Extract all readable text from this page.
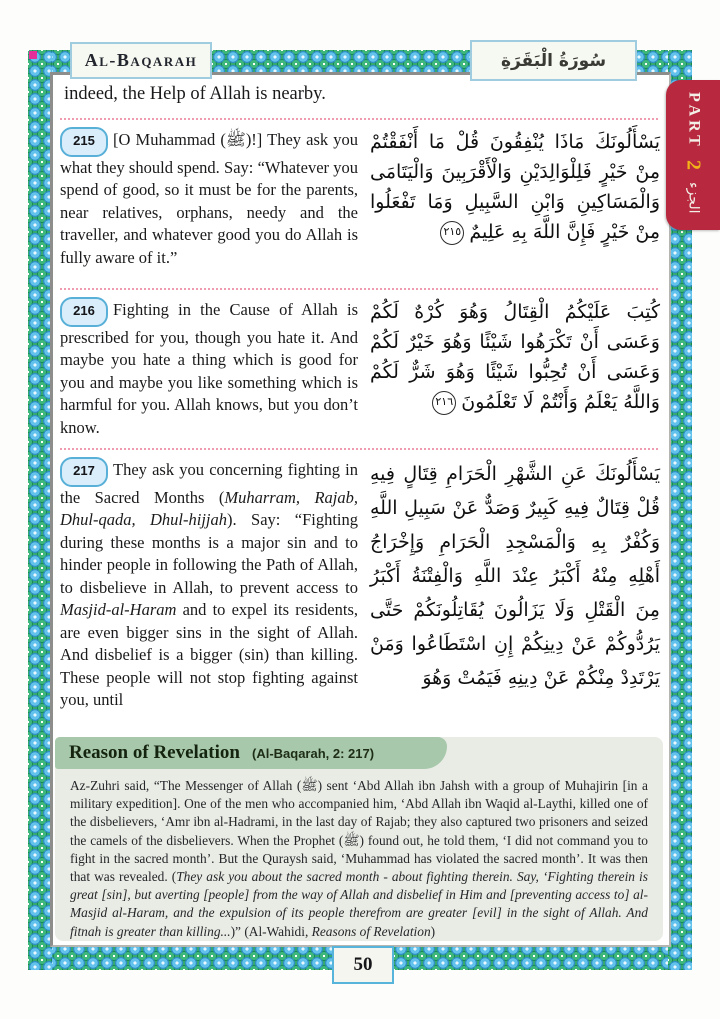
Al-Baqarah	سُورَةُ الْبَقَرَةِ
PART 2 الجزء
indeed, the Help of Allah is nearby.
215 [O Muhammad (ﷺ)!] They ask you what they should spend. Say: “Whatever you spend of good, so it must be for the parents, near relatives, orphans, needy and the traveller, and whatever good you do Allah is fully aware of it.”
يَسْأَلُونَكَ مَاذَا يُنْفِقُونَ قُلْ مَا أَنْفَقْتُمْ مِنْ خَيْرٍ فَلِلْوَالِدَيْنِ وَالْأَقْرَبِينَ وَالْيَتَامَى وَالْمَسَاكِينِ وَابْنِ السَّبِيلِ وَمَا تَفْعَلُوا مِنْ خَيْرٍ فَإِنَّ اللَّهَ بِهِ عَلِيمٌ٢١٥
216 Fighting in the Cause of Allah is prescribed for you, though you hate it. And maybe you hate a thing which is good for you and maybe you like something which is harmful for you. Allah knows, but you don’t know.
كُتِبَ عَلَيْكُمُ الْقِتَالُ وَهُوَ كُرْهٌ لَكُمْ وَعَسَى أَنْ تَكْرَهُوا شَيْئًا وَهُوَ خَيْرٌ لَكُمْ وَعَسَى أَنْ تُحِبُّوا شَيْئًا وَهُوَ شَرٌّ لَكُمْ وَاللَّهُ يَعْلَمُ وَأَنْتُمْ لَا تَعْلَمُونَ٢١٦
217 They ask you concerning fighting in the Sacred Months (Muharram, Rajab, Dhul-qada, Dhul-hijjah). Say: “Fighting during these months is a major sin and to hinder people in following the Path of Allah, to disbelieve in Allah, to prevent access to Masjid-al-Haram and to expel its residents, are even bigger sins in the sight of Allah. And disbelief is a bigger (sin) than killing. These people will not stop fighting against you, until
يَسْأَلُونَكَ عَنِ الشَّهْرِ الْحَرَامِ قِتَالٍ فِيهِ قُلْ قِتَالٌ فِيهِ كَبِيرٌ وَصَدٌّ عَنْ سَبِيلِ اللَّهِ وَكُفْرٌ بِهِ وَالْمَسْجِدِ الْحَرَامِ وَإِخْرَاجُ أَهْلِهِ مِنْهُ أَكْبَرُ عِنْدَ اللَّهِ وَالْفِتْنَةُ أَكْبَرُ مِنَ الْقَتْلِ وَلَا يَزَالُونَ يُقَاتِلُونَكُمْ حَتَّى يَرُدُّوكُمْ عَنْ دِينِكُمْ إِنِ اسْتَطَاعُوا وَمَنْ يَرْتَدِدْ مِنْكُمْ عَنْ دِينِهِ فَيَمُتْ وَهُوَ
Reason of Revelation (Al-Baqarah, 2: 217)
Az-Zuhri said, “The Messenger of Allah (ﷺ) sent ‘Abd Allah ibn Jahsh with a group of Muhajirin [in a military expedition]. One of the men who accompanied him, ‘Abd Allah ibn Waqid al-Laythi, killed one of the disbelievers, ‘Amr ibn al-Hadrami, in the last day of Rajab; they also captured two prisoners and seized the camels of the disbelievers. When the Prophet (ﷺ) found out, he told them, ‘I did not command you to fight in the sacred month’. But the Quraysh said, ‘Muhammad has violated the sacred month’. It was then that was revealed. (They ask you about the sacred month - about fighting therein. Say, ‘Fighting therein is great [sin], but averting [people] from the way of Allah and disbelief in Him and [preventing access to] al-Masjid al-Haram, and the expulsion of its people therefrom are greater [evil] in the sight of Allah. And fitnah is greater than killing...)” (Al-Wahidi, Reasons of Revelation)
50
